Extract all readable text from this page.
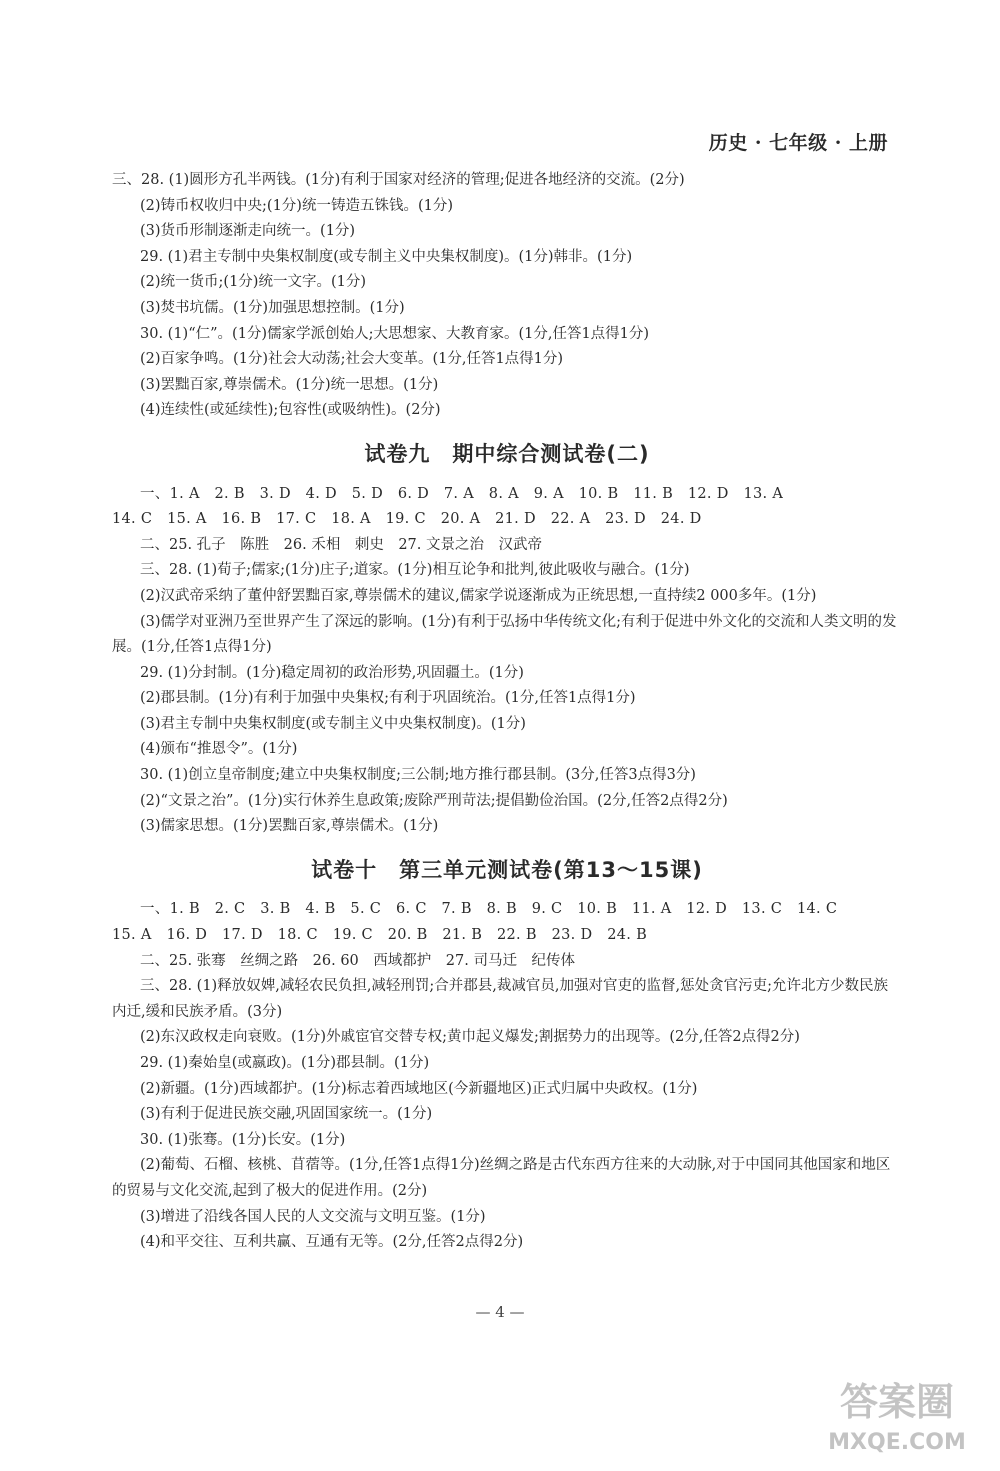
历史 · 七年级 · 上册
三、28. (1)圆形方孔半两钱。(1分)有利于国家对经济的管理;促进各地经济的交流。(2分)
(2)铸币权收归中央;(1分)统一铸造五铢钱。(1分)
(3)货币形制逐渐走向统一。(1分)
29. (1)君主专制中央集权制度(或专制主义中央集权制度)。(1分)韩非。(1分)
(2)统一货币;(1分)统一文字。(1分)
(3)焚书坑儒。(1分)加强思想控制。(1分)
30. (1)“仁”。(1分)儒家学派创始人;大思想家、大教育家。(1分,任答1点得1分)
(2)百家争鸣。(1分)社会大动荡;社会大变革。(1分,任答1点得1分)
(3)罢黜百家,尊崇儒术。(1分)统一思想。(1分)
(4)连续性(或延续性);包容性(或吸纳性)。(2分)
试卷九　期中综合测试卷(二)
一、1. A　2. B　3. D　4. D　5. D　6. D　7. A　8. A　9. A　10. B　11. B　12. D　13. A
14. C　15. A　16. B　17. C　18. A　19. C　20. A　21. D　22. A　23. D　24. D
二、25. 孔子　陈胜　26. 禾相　刺史　27. 文景之治　汉武帝
三、28. (1)荀子;儒家;(1分)庄子;道家。(1分)相互论争和批判,彼此吸收与融合。(1分)
(2)汉武帝采纳了董仲舒罢黜百家,尊崇儒术的建议,儒家学说逐渐成为正统思想,一直持续2 000多年。(1分)
(3)儒学对亚洲乃至世界产生了深远的影响。(1分)有利于弘扬中华传统文化;有利于促进中外文化的交流和人类文明的发展。(1分,任答1点得1分)
29. (1)分封制。(1分)稳定周初的政治形势,巩固疆土。(1分)
(2)郡县制。(1分)有利于加强中央集权;有利于巩固统治。(1分,任答1点得1分)
(3)君主专制中央集权制度(或专制主义中央集权制度)。(1分)
(4)颁布“推恩令”。(1分)
30. (1)创立皇帝制度;建立中央集权制度;三公制;地方推行郡县制。(3分,任答3点得3分)
(2)“文景之治”。(1分)实行休养生息政策;废除严刑苛法;提倡勤俭治国。(2分,任答2点得2分)
(3)儒家思想。(1分)罢黜百家,尊崇儒术。(1分)
试卷十　第三单元测试卷(第13～15课)
一、1. B　2. C　3. B　4. B　5. C　6. C　7. B　8. B　9. C　10. B　11. A　12. D　13. C　14. C
15. A　16. D　17. D　18. C　19. C　20. B　21. B　22. B　23. D　24. B
二、25. 张骞　丝绸之路　26. 60　西域都护　27. 司马迁　纪传体
三、28. (1)释放奴婢,减轻农民负担,减轻刑罚;合并郡县,裁减官员,加强对官吏的监督,惩处贪官污吏;允许北方少数民族内迁,缓和民族矛盾。(3分)
(2)东汉政权走向衰败。(1分)外戚宦官交替专权;黄巾起义爆发;割据势力的出现等。(2分,任答2点得2分)
29. (1)秦始皇(或嬴政)。(1分)郡县制。(1分)
(2)新疆。(1分)西域都护。(1分)标志着西域地区(今新疆地区)正式归属中央政权。(1分)
(3)有利于促进民族交融,巩固国家统一。(1分)
30. (1)张骞。(1分)长安。(1分)
(2)葡萄、石榴、核桃、苜蓿等。(1分,任答1点得1分)丝绸之路是古代东西方往来的大动脉,对于中国同其他国家和地区的贸易与文化交流,起到了极大的促进作用。(2分)
(3)增进了沿线各国人民的人文交流与文明互鉴。(1分)
(4)和平交往、互利共赢、互通有无等。(2分,任答2点得2分)
— 4 —
答案圈
MXQE.COM
